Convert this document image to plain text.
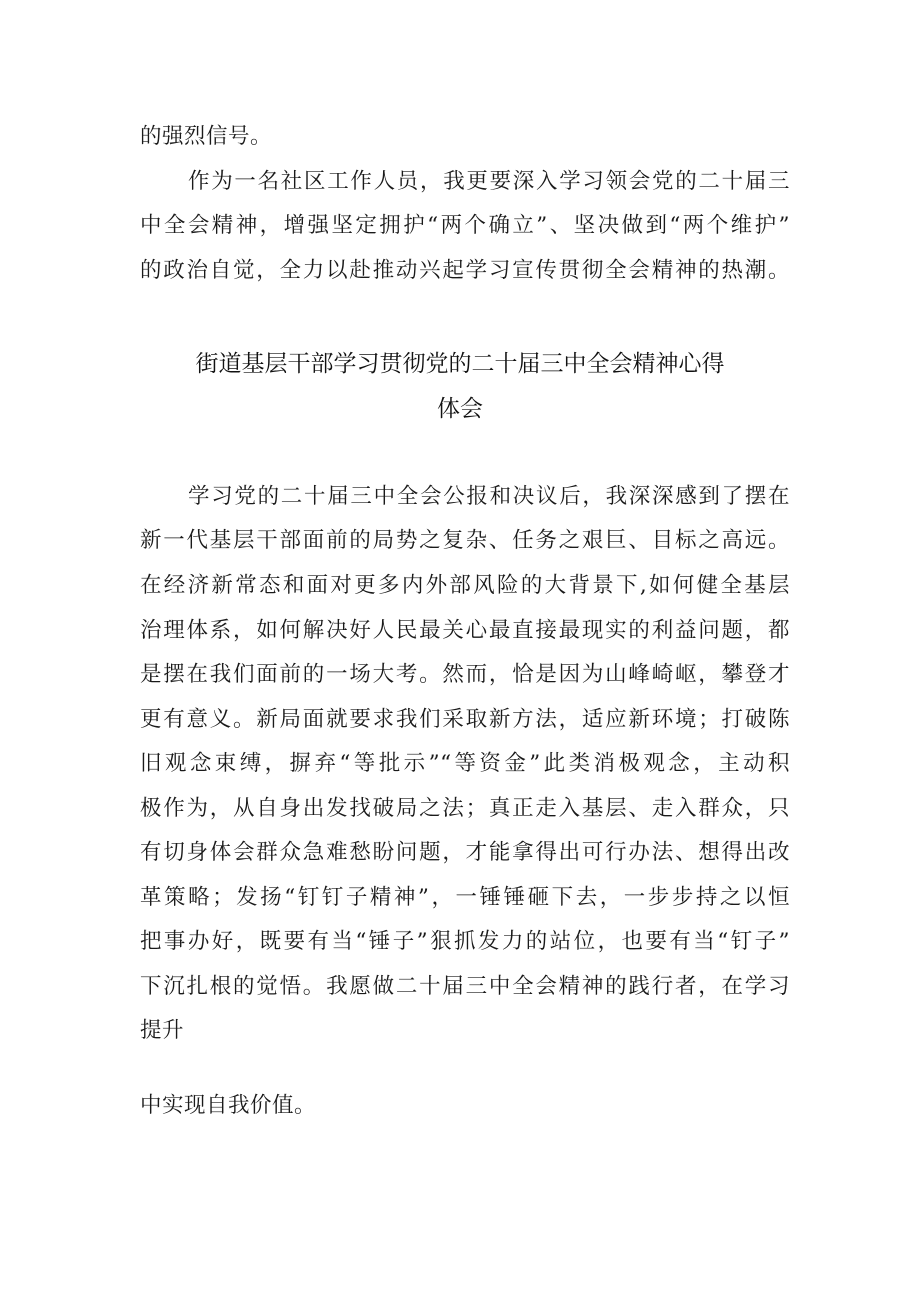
的强烈信号。
作为一名社区工作人员，我更要深入学习领会党的二十届三
中全会精神，增强坚定拥护“两个确立”、坚决做到“两个维护”
的政治自觉，全力以赴推动兴起学习宣传贯彻全会精神的热潮。
街道基层干部学习贯彻党的二十届三中全会精神心得
体会
学习党的二十届三中全会公报和决议后，我深深感到了摆在
新一代基层干部面前的局势之复杂、任务之艰巨、目标之高远。
在经济新常态和面对更多内外部风险的大背景下,如何健全基层
治理体系，如何解决好人民最关心最直接最现实的利益问题，都
是摆在我们面前的一场大考。然而，恰是因为山峰崎岖，攀登才
更有意义。新局面就要求我们采取新方法，适应新环境；打破陈
旧观念束缚，摒弃“等批示”“等资金”此类消极观念，主动积
极作为，从自身出发找破局之法；真正走入基层、走入群众，只
有切身体会群众急难愁盼问题，才能拿得出可行办法、想得出改
革策略；发扬“钉钉子精神”，一锤锤砸下去，一步步持之以恒
把事办好，既要有当“锤子”狠抓发力的站位，也要有当“钉子”
下沉扎根的觉悟。我愿做二十届三中全会精神的践行者，在学习
提升
中实现自我价值。
